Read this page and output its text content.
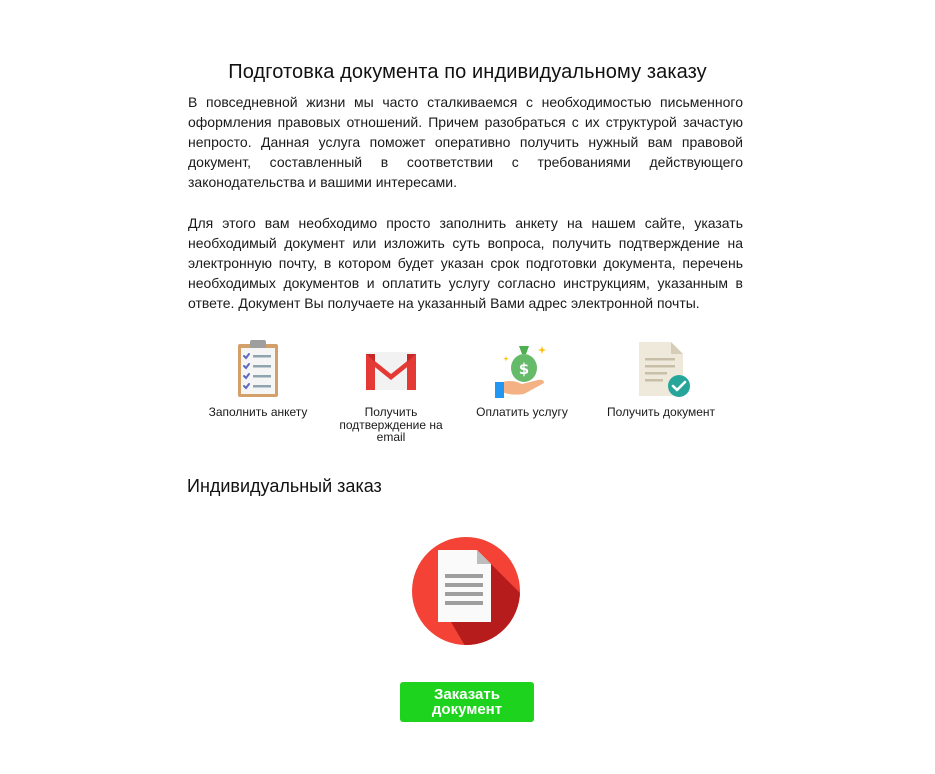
Подготовка документа по индивидуальному заказу

В повседневной жизни мы часто сталкиваемся с необходимостью письменного оформления правовых отношений. Причем разобраться с их структурой зачастую непросто. Данная услуга поможет оперативно получить нужный вам правовой документ, составленный в соответствии с требованиями действующего законодательства и вашими интересами.

Для этого вам необходимо просто заполнить анкету на нашем сайте, указать необходимый документ или изложить суть вопроса, получить подтверждение на электронную почту, в котором будет указан срок подготовки документа, перечень необходимых документов и оплатить услугу согласно инструкциям, указанным в ответе. Документ Вы получаете на указанный Вами адрес электронной почты.

Заполнить анкету	Получить подтверждение на email
$
Оплатить услугу	Получить документ
Индивидуальный заказ
Заказать документ
